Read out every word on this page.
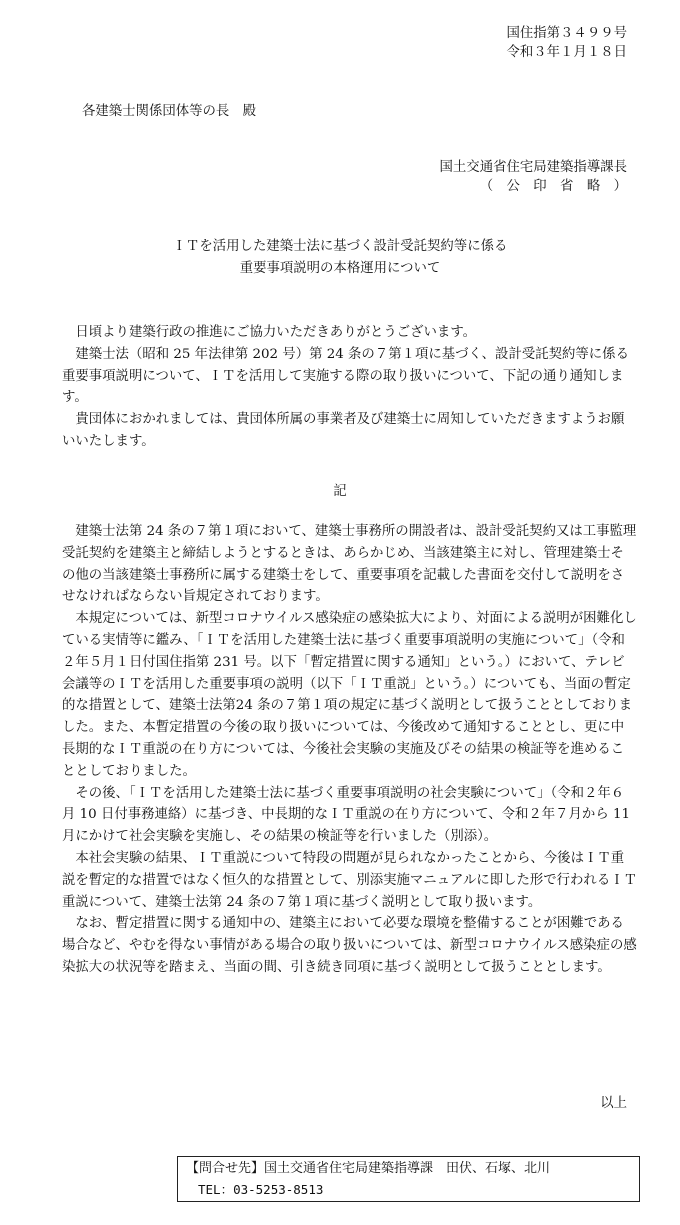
国住指第３４９９号
令和３年１月１８日
各建築士関係団体等の長　殿
国土交通省住宅局建築指導課長
（　公　印　省　略　）
ＩＴを活用した建築士法に基づく設計受託契約等に係る
重要事項説明の本格運用について

日頃より建築行政の推進にご協力いただきありがとうございます。

建築士法（昭和 25 年法律第 202 号）第 24 条の７第１項に基づく、設計受託契約等に係る重要事項説明について、ＩＴを活用して実施する際の取り扱いについて、下記の通り通知します。

貴団体におかれましては、貴団体所属の事業者及び建築士に周知していただきますようお願いいたします。

記

建築士法第 24 条の７第１項において、建築士事務所の開設者は、設計受託契約又は工事監理受託契約を建築主と締結しようとするときは、あらかじめ、当該建築主に対し、管理建築士その他の当該建築士事務所に属する建築士をして、重要事項を記載した書面を交付して説明をさせなければならない旨規定されております。

本規定については、新型コロナウイルス感染症の感染拡大により、対面による説明が困難化している実情等に鑑み、「ＩＴを活用した建築士法に基づく重要事項説明の実施について」（令和２年５月１日付国住指第 231 号。以下「暫定措置に関する通知」という。）において、テレビ会議等のＩＴを活用した重要事項の説明（以下「ＩＴ重説」という。）についても、当面の暫定的な措置として、建築士法第24 条の７第１項の規定に基づく説明として扱うこととしておりました。また、本暫定措置の今後の取り扱いについては、今後改めて通知することとし、更に中長期的なＩＴ重説の在り方については、今後社会実験の実施及びその結果の検証等を進めることとしておりました。

その後、「ＩＴを活用した建築士法に基づく重要事項説明の社会実験について」（令和２年６月 10 日付事務連絡）に基づき、中長期的なＩＴ重説の在り方について、令和２年７月から 11 月にかけて社会実験を実施し、その結果の検証等を行いました（別添）。

本社会実験の結果、ＩＴ重説について特段の問題が見られなかったことから、今後はＩＴ重説を暫定的な措置ではなく恒久的な措置として、別添実施マニュアルに即した形で行われるＩＴ重説について、建築士法第 24 条の７第１項に基づく説明として取り扱います。

なお、暫定措置に関する通知中の、建築主において必要な環境を整備することが困難である場合など、やむを得ない事情がある場合の取り扱いについては、新型コロナウイルス感染症の感染拡大の状況等を踏まえ、当面の間、引き続き同項に基づく説明として扱うこととします。

以上
【問合せ先】国土交通省住宅局建築指導課　田伏、石塚、北川
TEL：03-5253-8513
